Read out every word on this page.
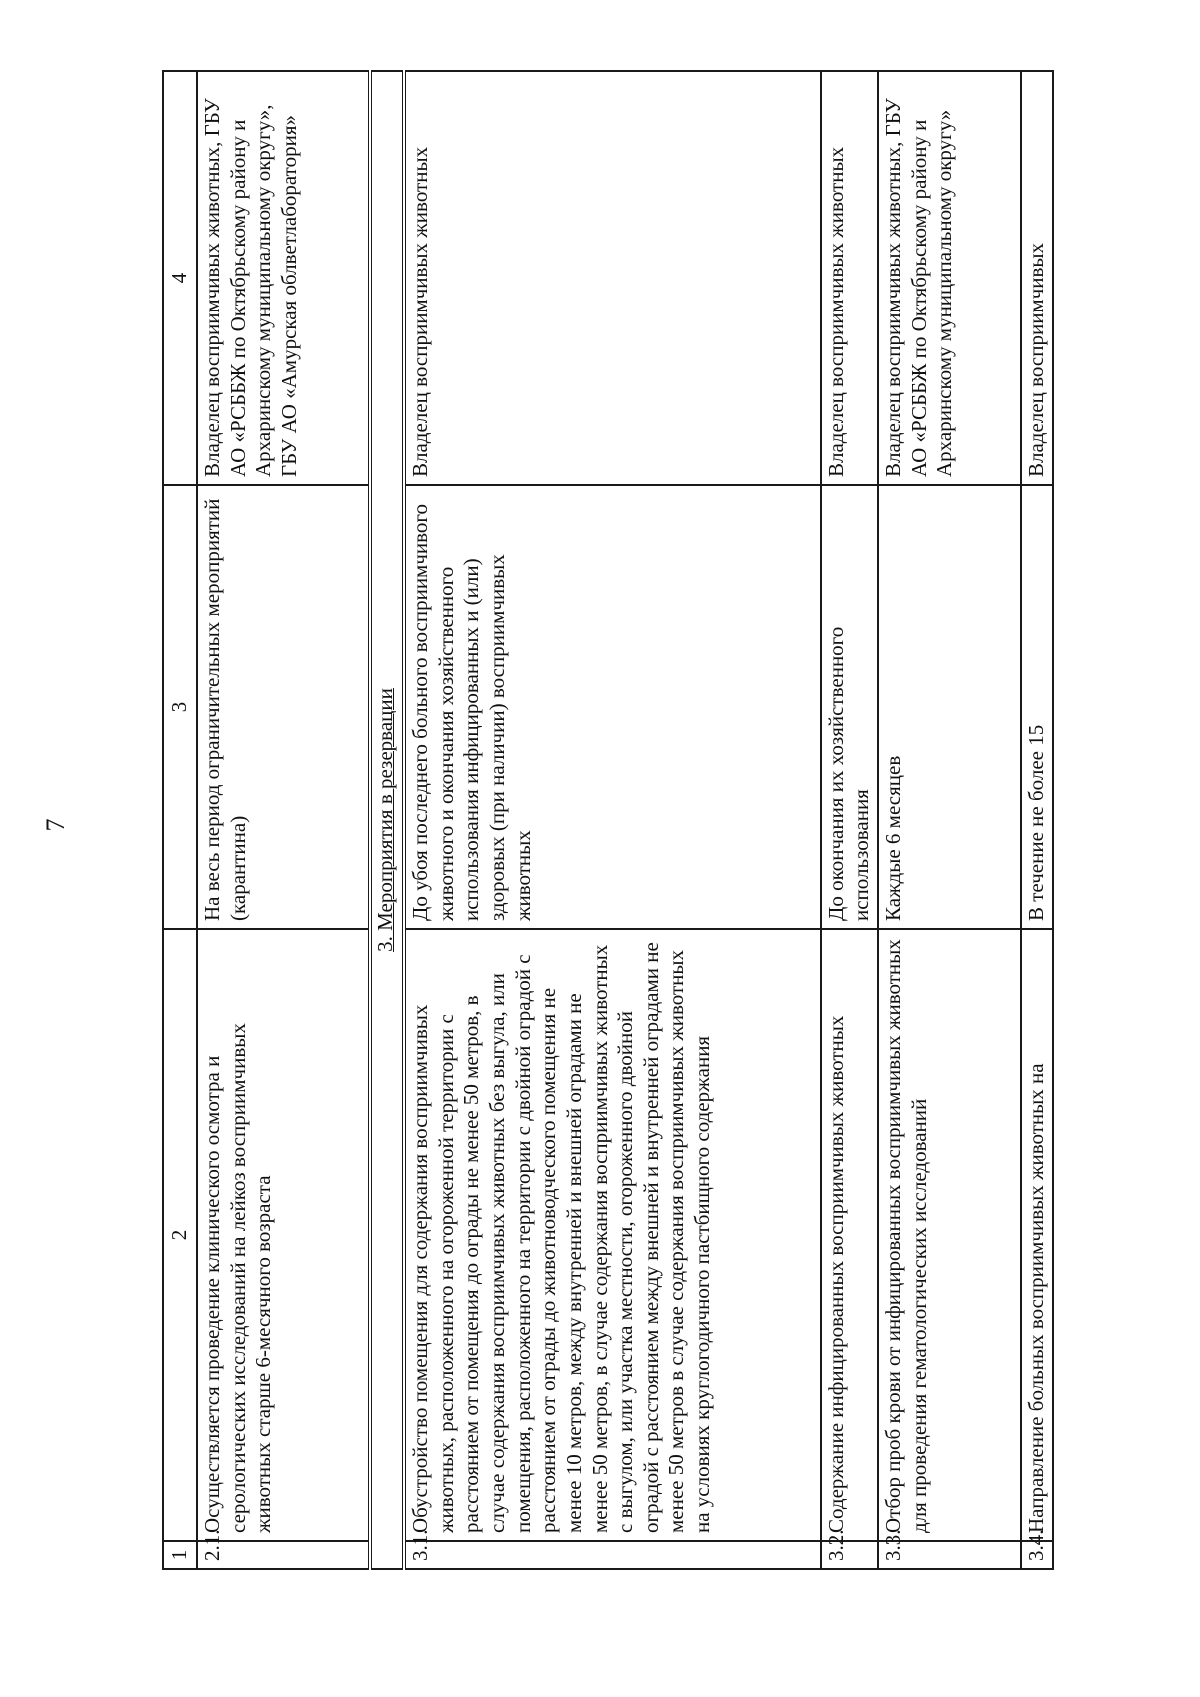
7
1	2	3	4
2.1.	Осуществляется проведение клинического осмотра и серологических исследований на лейкоз восприимчивых животных старше 6-месячного возраста	На весь период ограничительных мероприятий (карантина)	Владелец восприимчивых животных, ГБУ АО «РСББЖ по Октябрьскому району и Архаринскому муниципальному округу», ГБУ АО «Амурская облветлаборатория»
3. Мероприятия в резервации			
3.1.	Обустройство помещения для содержания восприимчивых животных, расположенного на огороженной территории с расстоянием от помещения до ограды не менее 50 метров, в случае содержания восприимчивых животных без выгула, или помещения, расположенного на территории с двойной оградой с расстоянием от ограды до животноводческого помещения не менее 10 метров, между внутренней и внешней оградами не менее 50 метров, в случае содержания восприимчивых животных с выгулом, или участка местности, огороженного двойной оградой с расстоянием между внешней и внутренней оградами не менее 50 метров в случае содержания восприимчивых животных на условиях круглогодичного пастбищного содержания	До убоя последнего больного восприимчивого животного и окончания хозяйственного использования инфицированных и (или) здоровых (при наличии) восприимчивых животных	Владелец восприимчивых животных
3.2.	Содержание инфицированных восприимчивых животных	До окончания их хозяйственного использования	Владелец восприимчивых животных
3.3.	Отбор проб крови от инфицированных восприимчивых животных для проведения гематологических исследований	Каждые 6 месяцев	Владелец восприимчивых животных, ГБУ АО «РСББЖ по Октябрьскому району и Архаринскому муниципальному округу»
3.4.	Направление больных восприимчивых животных на	В течение не более 15	Владелец восприимчивых
